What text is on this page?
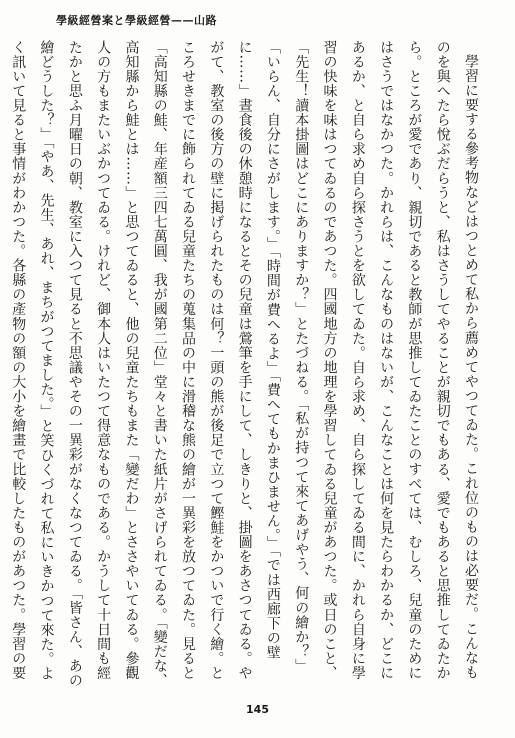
學級經營案と學級經營——山路

學習に要する參考物などはつとめて私から薦めてやつてゐた。これ位のものは必要だ。こんなものを與へたら悅ぶだらうと、私はさうしてやることが親切でもある、愛でもあると思推してゐたから。ところが愛であり、親切であると教師が思推してゐたことのすべては、むしろ、兒童のためにはさうではなかつた。かれらは、こんなものはないが、こんなことは何を見たらわかるか、どこにあるか、と自ら求め自ら探さうとを欲してゐた。自ら求め、自ら探してゐる間に、かれら自身に學習の快味を味はつてゐるのであつた。四國地方の地理を學習してゐる兒童があつた。或日のこと、「先生！讀本掛圖はどこにありますか？」とたづねる。「私が持つて來てあげやう、何の繪か？」「いらん、自分にさがします。」「時間が費へるよ」「費へてもかまひません。」「では西廊下の壁に……」晝食後の休憩時になるとその兒童は鶯筆を手にして、しきりと、掛圖をあさつてゐる。やがて、教室の後方の壁に掲げられたものは何？一頭の熊が後足で立つて鰹鮭をかついで行く繪。ところせきまでに飾られてゐる兒童たちの蒐集品の中に滑稽な熊の繪が一異彩を放つてゐた。見ると「高知縣の鮭、年産額三四七萬圓、我が國第二位」堂々と書いた紙片がさげられてゐる。「變だな、高知縣から鮭とは……」と思つてゐると、他の兒童たちもまた「變だわ」とささやいてゐる。參觀人の方もまたいぶかつてゐる。けれど、御本人はいたつて得意なものである。かうして十日間も經たかと思ふ月曜日の朝、教室に入つて見ると不思議やその一異彩がなくなつてゐる。「皆さん、あの繪どうした？」「やあ、先生、あれ、まちがつてました。」と笑ひくづれて私にいきかつて來た。よく訊いて見ると事情がわかつた。各縣の產物の額の大小を繪畫で比較したものがあつた。學習の要

145
